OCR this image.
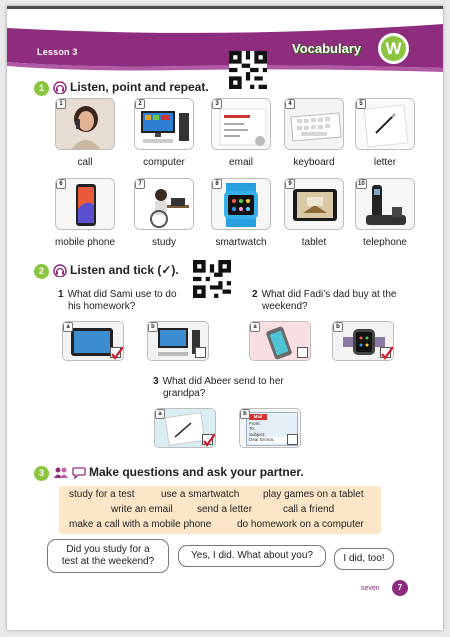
Lesson 3	Vocabulary	W
1	Listen, point and repeat.
1	2	3	4	5
call	computer	email	keyboard	letter
6	7	8	9	10
mobile phone	study	smartwatch	tablet	telephone
2	Listen and tick (✓).
1 What did Sami use to do
his homework?
a	b
2 What did Fadi’s dad buy at the
weekend?
a	b
3 What did Abeer send to her
grandpa?
a	b	Mail
From:
To:
Subject:
Dear Emma,
3	Make questions and ask your partner.
study for a test	use a smartwatch play games on a tablet
write an email send a letter	call a friend
make a call with a mobile phone	do homework on a computer
Did you study for a
test at the weekend?
Yes, I did. What about you?	I did, too!
seven	7
